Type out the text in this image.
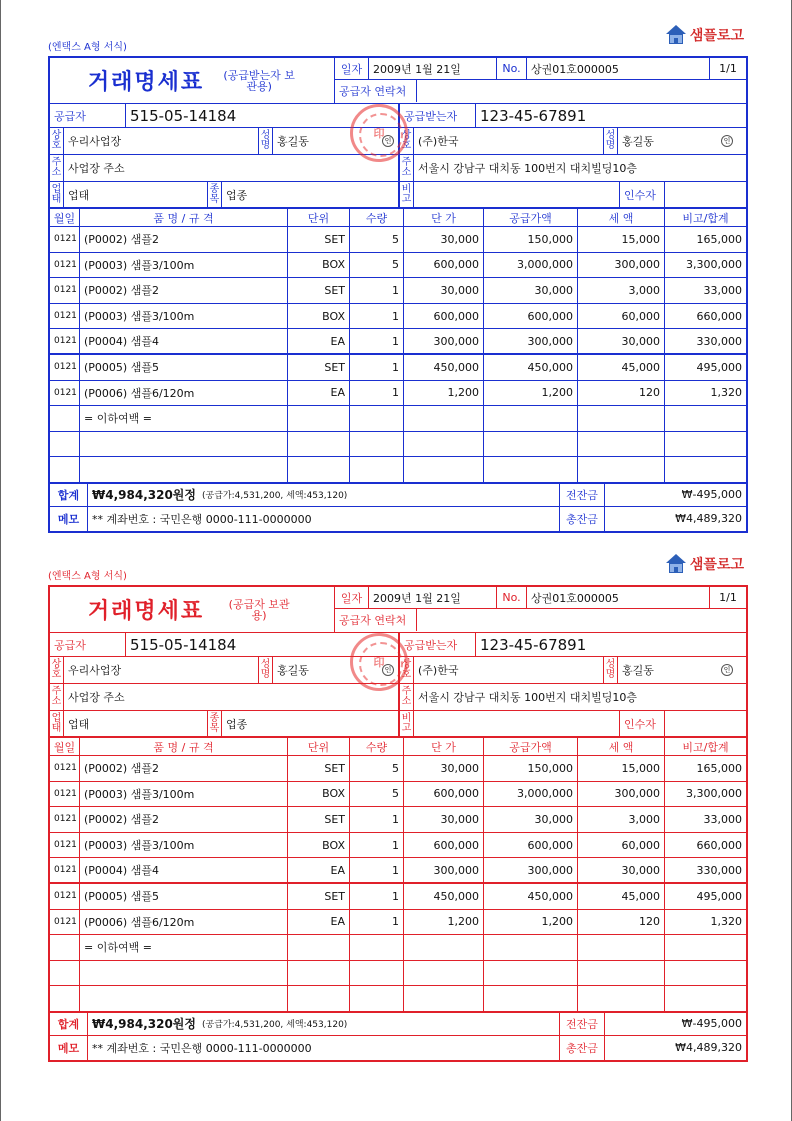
(엔택스 A형 서식)
샘플로고
거래명세표 (공급받는자 보관용)
일자 2009년 1월 21일	No. 상권01호000005	1/1
공급자 연락처
공급자	515-05-14184	공급받는자	123-45-67891
상호 우리사업장	성명 홍길동	인 상호 (주)한국	성명 홍길동	인
주소 사업장 주소	주소 서울시 강남구 대치동 100번지 대치빌딩10층
업태 업태	종목 업종	비고	인수자
월일	품 명 / 규 격	단위	수량	단 가	공급가액	세 액	비고/합계
0121 (P0002) 샘플2	SET	5	30,000	150,000	15,000	165,000
0121 (P0003) 샘플3/100m	BOX	5	600,000	3,000,000	300,000	3,300,000
0121 (P0002) 샘플2	SET	1	30,000	30,000	3,000	33,000
0121 (P0003) 샘플3/100m	BOX	1	600,000	600,000	60,000	660,000
0121 (P0004) 샘플4	EA	1	300,000	300,000	30,000	330,000
0121 (P0005) 샘플5	SET	1	450,000	450,000	45,000	495,000
0121 (P0006) 샘플6/120m	EA	1	1,200	1,200	120	1,320
= 이하여백 =
합계	₩4,984,320원정 (공급가:4,531,200, 세액:453,120)	전잔금	₩-495,000
메모	** 계좌번호 : 국민은행 0000-111-0000000	총잔금	₩4,489,320
印
(엔택스 A형 서식)
샘플로고
거래명세표	(공급자 보관용)
일자 2009년 1월 21일	No. 상권01호000005	1/1
공급자 연락처
공급자	515-05-14184	공급받는자	123-45-67891
상호 우리사업장	성명 홍길동	인 상호 (주)한국	성명 홍길동	인
주소 사업장 주소	주소 서울시 강남구 대치동 100번지 대치빌딩10층
업태 업태	종목 업종	비고	인수자
월일	품 명 / 규 격	단위	수량	단 가	공급가액	세 액	비고/합계
0121 (P0002) 샘플2	SET	5	30,000	150,000	15,000	165,000
0121 (P0003) 샘플3/100m	BOX	5	600,000	3,000,000	300,000	3,300,000
0121 (P0002) 샘플2	SET	1	30,000	30,000	3,000	33,000
0121 (P0003) 샘플3/100m	BOX	1	600,000	600,000	60,000	660,000
0121 (P0004) 샘플4	EA	1	300,000	300,000	30,000	330,000
0121 (P0005) 샘플5	SET	1	450,000	450,000	45,000	495,000
0121 (P0006) 샘플6/120m	EA	1	1,200	1,200	120	1,320
= 이하여백 =
합계	₩4,984,320원정 (공급가:4,531,200, 세액:453,120)	전잔금	₩-495,000
메모	** 계좌번호 : 국민은행 0000-111-0000000	총잔금	₩4,489,320
印
